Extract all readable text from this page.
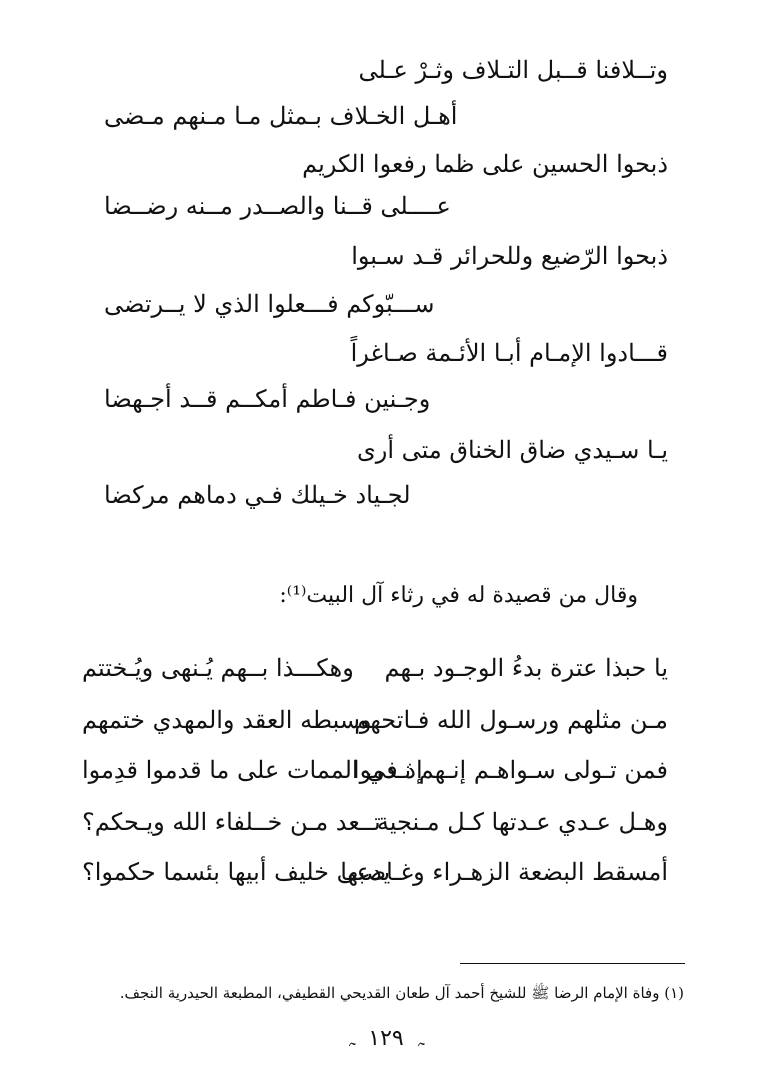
وتــلافنا قــبل التـلاف وثـرْ عـلى
أهـل الخـلاف بـمثل مـا مـنهم مـضى
ذبحوا الحسين على ظما رفعوا الكريم
عــــلى قــنا والصــدر مــنه رضــضا
ذبحوا الرّضيع وللحرائر قـد سـبوا
ســـبّوكم فـــعلوا الذي لا يــرتضى
قـــادوا الإمـام أبـا الأئـمة صـاغراً
وجـنين فـاطم أمكــم قــد أجـهضا
يـا سـيدي ضاق الخناق متى أرى
لجـياد خـيلك فـي دماهم مركضا
وقال من قصيدة له في رثاء آل البيت⁽¹⁾:
يا حبذا عترة بدءُ الوجـود بـهم
وهكـــذا بــهم يُـنهى ويُـختتم
مـن مثلهم ورسـول الله فـاتحهم
وسبطه العقد والمهدي ختمهم
فمن تـولى سـواهـم إنـهم نـدموا
إذ في الممات على ما قدموا قدِموا
وهـل عـدي عـدتها كـل مـنجية
تــعد مـن خــلفاء الله ويـحكم؟
أمسقط البضعة الزهـراء وغـاصبها
يدعى خليف أبيها بئسما حكموا؟
(١) وفاة الإمام الرضا ﷺ للشيخ أحمد آل طعان القديحي القطيفي، المطبعة الحيدرية النجف.
ﮧ ١٢٩ ﮧ
